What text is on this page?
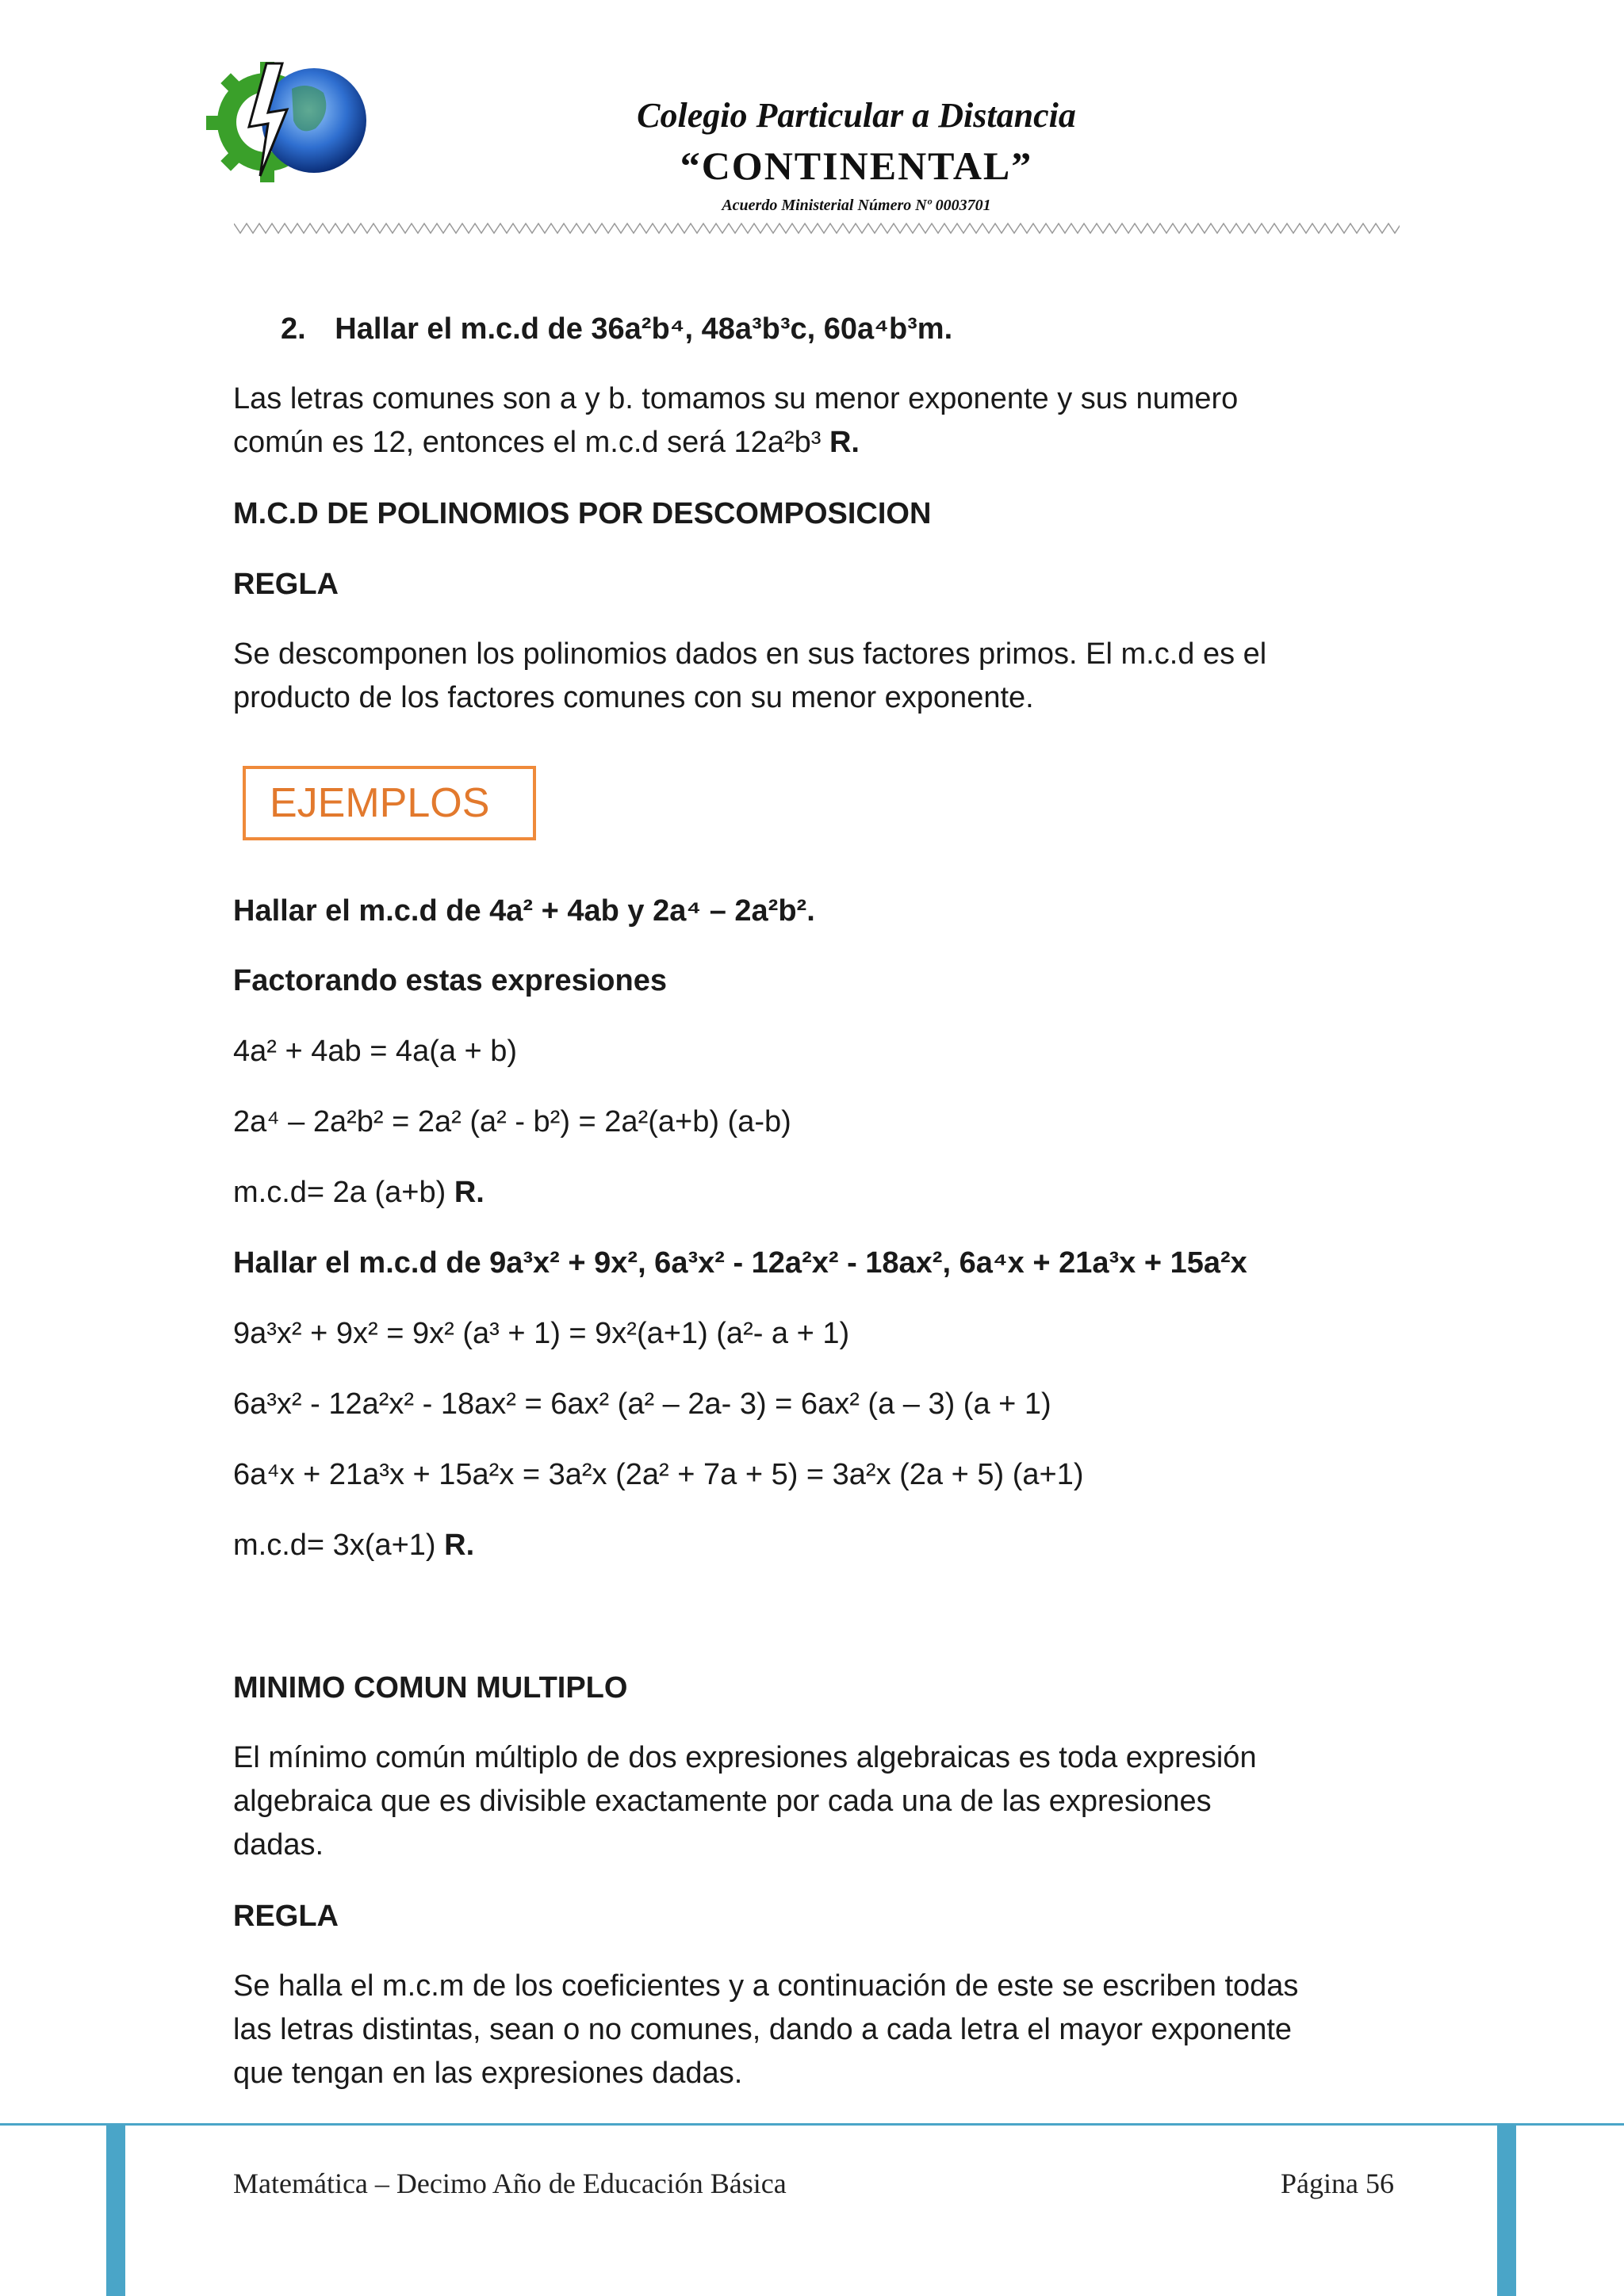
Colegio Particular a Distancia
“CONTINENTAL”
Acuerdo Ministerial Número Nº 0003701
2. Hallar el m.c.d de 36a²b⁴, 48a³b³c, 60a⁴b³m.
Las letras comunes son a y b. tomamos su menor exponente y sus numero
común es 12, entonces el m.c.d será 12a²b³ R.
M.C.D DE POLINOMIOS POR DESCOMPOSICION
REGLA
Se descomponen los polinomios dados en sus factores primos. El m.c.d es el
producto de los factores comunes con su menor exponente.
EJEMPLOS
Hallar el m.c.d de 4a² + 4ab y 2a⁴ – 2a²b².
Factorando estas expresiones
4a² + 4ab = 4a(a + b)
2a⁴ – 2a²b² = 2a² (a² - b²) = 2a²(a+b) (a-b)
m.c.d= 2a (a+b) R.
Hallar el m.c.d de 9a³x² + 9x², 6a³x² - 12a²x² - 18ax², 6a⁴x + 21a³x + 15a²x
9a³x² + 9x² = 9x² (a³ + 1) = 9x²(a+1) (a²- a + 1)
6a³x² - 12a²x² - 18ax² = 6ax² (a² – 2a- 3) = 6ax² (a – 3) (a + 1)
6a⁴x + 21a³x + 15a²x = 3a²x (2a² + 7a + 5) = 3a²x (2a + 5) (a+1)
m.c.d= 3x(a+1) R.
MINIMO COMUN MULTIPLO
El mínimo común múltiplo de dos expresiones algebraicas es toda expresión
algebraica que es divisible exactamente por cada una de las expresiones
dadas.
REGLA
Se halla el m.c.m de los coeficientes y a continuación de este se escriben todas
las letras distintas, sean o no comunes, dando a cada letra el mayor exponente
que tengan en las expresiones dadas.
Matemática – Decimo Año de Educación Básica	Página 56
